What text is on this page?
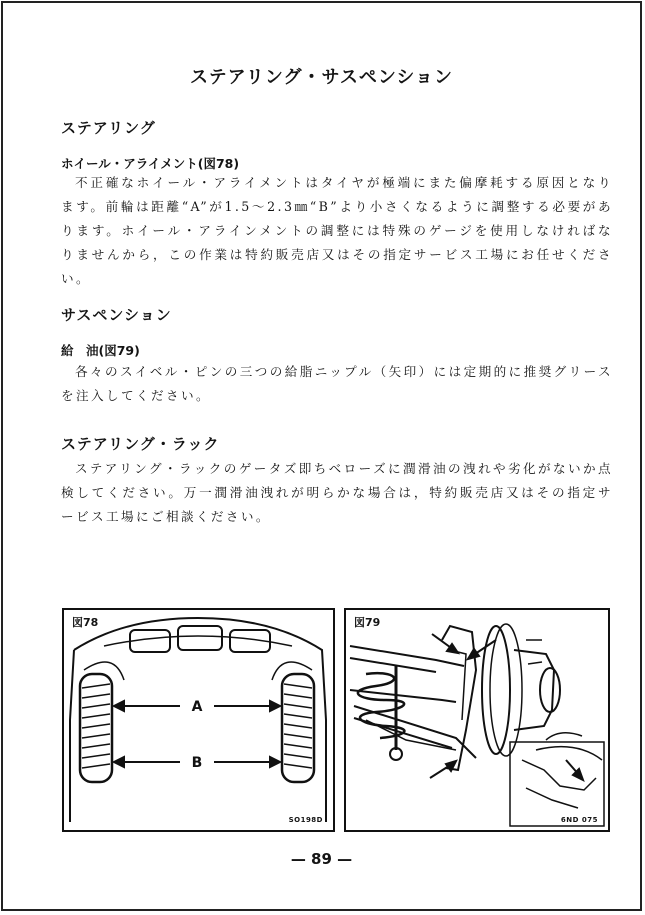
ステアリング・サスペンション
ステアリング
ホイール・アライメント(図78)

不正確なホイール・アライメントはタイヤが極端にまた偏摩耗する原因となります。前輪は距離“A”が1.5〜2.3㎜“B”より小さくなるように調整する必要があります。ホイール・アラインメントの調整には特殊のゲージを使用しなければなりませんから，この作業は特約販売店又はその指定サービス工場にお任せください。

サスペンション
給　油(図79)

各々のスイベル・ピンの三つの給脂ニップル（矢印）には定期的に推奨グリースを注入してください。

ステアリング・ラック

ステアリング・ラックのゲータズ即ちベローズに潤滑油の洩れや劣化がないか点検してください。万一潤滑油洩れが明らかな場合は，特約販売店又はその指定サービス工場にご相談ください。

A
B
図78
SO198D
図79
6ND 075
— 89 —
